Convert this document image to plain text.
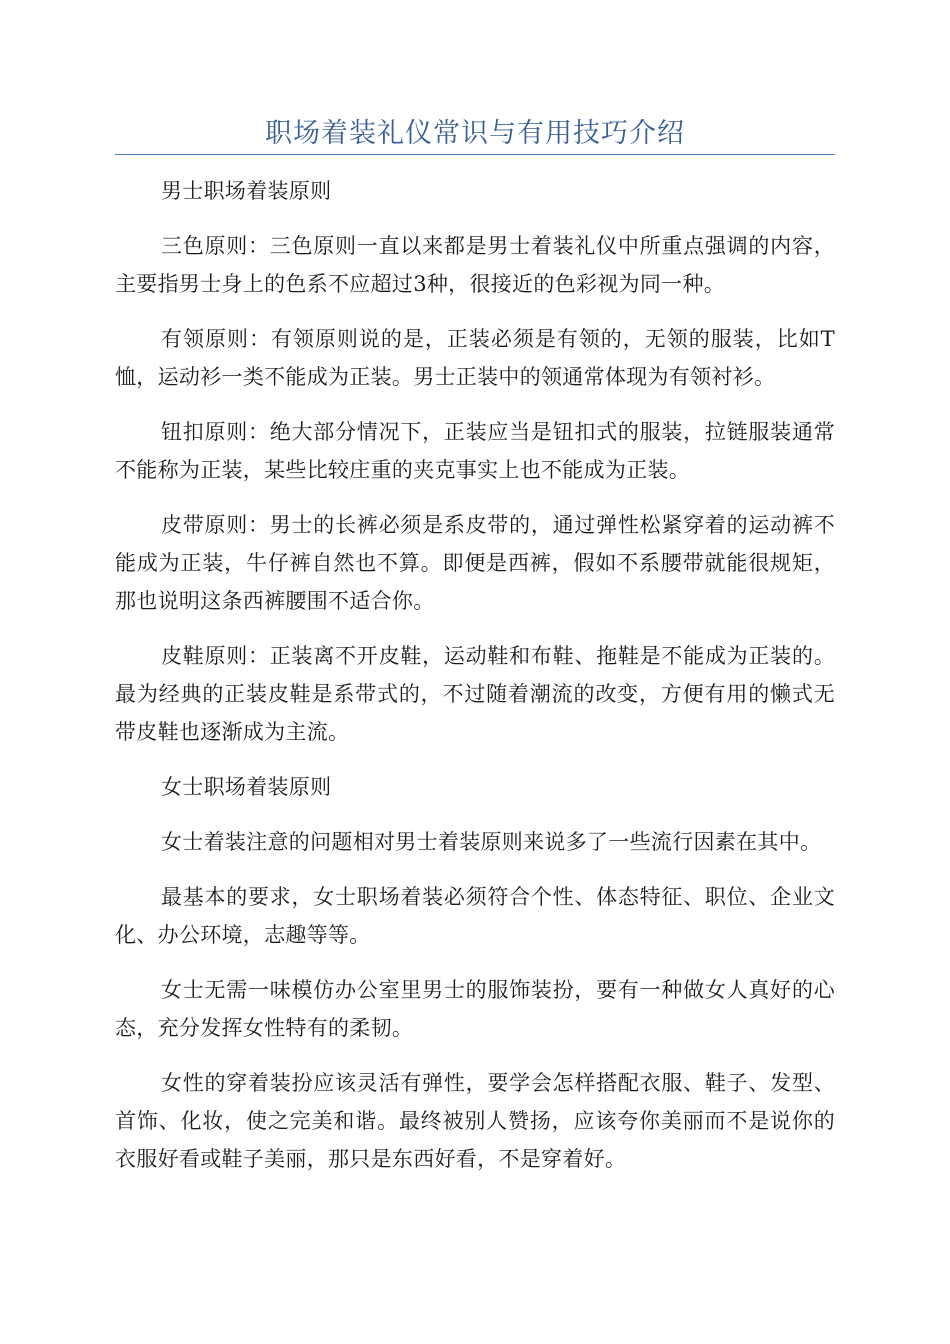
职场着装礼仪常识与有用技巧介绍

男士职场着装原则

三色原则：三色原则一直以来都是男士着装礼仪中所重点强调的内容，主要指男士身上的色系不应超过3种，很接近的色彩视为同一种。

有领原则：有领原则说的是，正装必须是有领的，无领的服装，比如T恤，运动衫一类不能成为正装。男士正装中的领通常体现为有领衬衫。

钮扣原则：绝大部分情况下，正装应当是钮扣式的服装，拉链服装通常不能称为正装，某些比较庄重的夹克事实上也不能成为正装。

皮带原则：男士的长裤必须是系皮带的，通过弹性松紧穿着的运动裤不能成为正装，牛仔裤自然也不算。即便是西裤，假如不系腰带就能很规矩，那也说明这条西裤腰围不适合你。

皮鞋原则：正装离不开皮鞋，运动鞋和布鞋、拖鞋是不能成为正装的。最为经典的正装皮鞋是系带式的，不过随着潮流的改变，方便有用的懒式无带皮鞋也逐渐成为主流。

女士职场着装原则

女士着装注意的问题相对男士着装原则来说多了一些流行因素在其中。

最基本的要求，女士职场着装必须符合个性、体态特征、职位、企业文化、办公环境，志趣等等。

女士无需一味模仿办公室里男士的服饰装扮，要有一种做女人真好的心态，充分发挥女性特有的柔韧。

女性的穿着装扮应该灵活有弹性，要学会怎样搭配衣服、鞋子、发型、首饰、化妆，使之完美和谐。最终被别人赞扬，应该夸你美丽而不是说你的衣服好看或鞋子美丽，那只是东西好看，不是穿着好。
